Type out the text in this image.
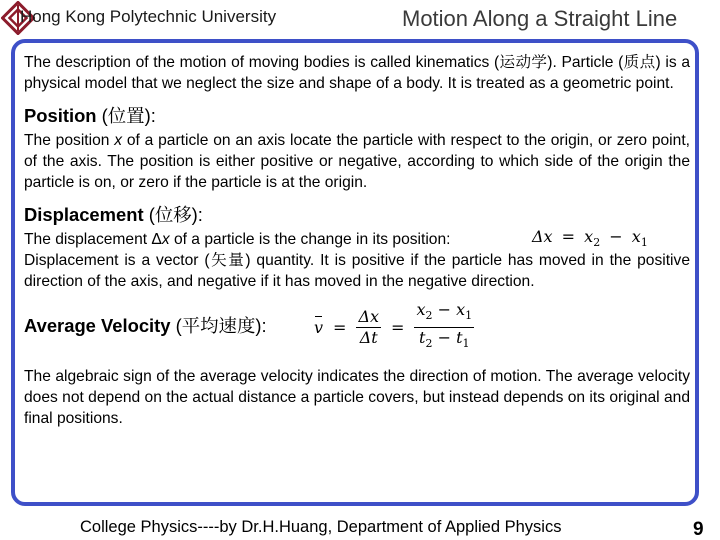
Hong Kong Polytechnic University	Motion Along a Straight Line

The description of the motion of moving bodies is called kinematics (运动学). Particle (质点) is a physical model that we neglect the size and shape of a body. It is treated as a geometric point.

Position (位置):

The position x of a particle on an axis locate the particle with respect to the origin, or zero point, of the axis. The position is either positive or negative, according to which side of the origin the particle is on, or zero if the particle is at the origin.

Displacement (位移):
The displacement Δx of a particle is the change in its position:	$\Delta x = x_2 - x_1$

Displacement is a vector (矢量) quantity. It is positive if the particle has moved in the positive direction of the axis, and negative if it has moved in the negative direction.

Average Velocity (平均速度):	$v = \frac{\Delta x}{\Delta t} = \frac{x_2 - x_1}{t_2 - t_1}$

The algebraic sign of the average velocity indicates the direction of motion. The average velocity does not depend on the actual distance a particle covers, but instead depends on its original and final positions.

College Physics----by Dr.H.Huang, Department of Applied Physics	9
